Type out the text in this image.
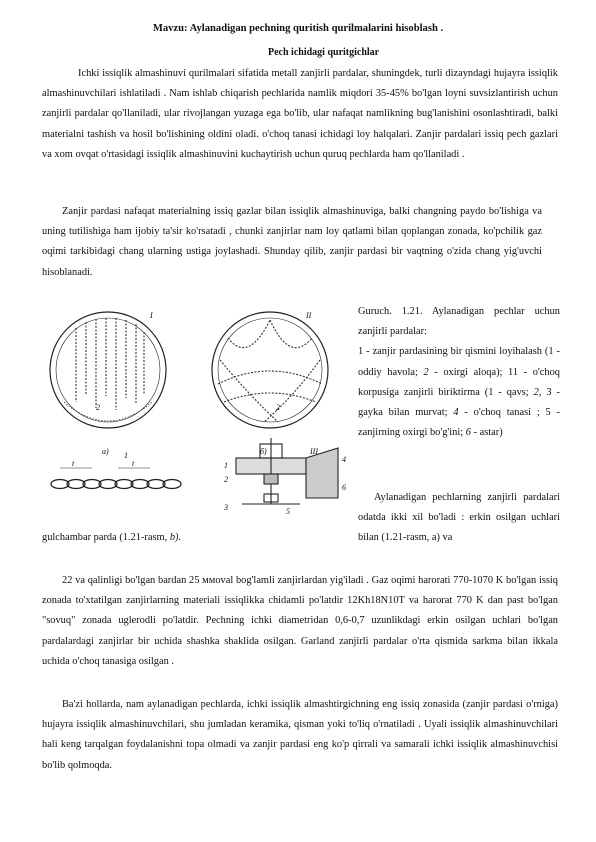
Mavzu: Aylanadigan pechning quritish qurilmalarini hisoblash .
Pech ichidagi quritgichlar

Ichki issiqlik almashinuvi qurilmalari sifatida metall zanjirli pardalar, shuningdek, turli dizayndagi hujayra issiqlik almashinuvchilari ishlatiladi . Nam ishlab chiqarish pechlarida namlik miqdori 35-45% bo'lgan loyni suvsizlantirish uchun zanjirli pardalar qo'llaniladi, ular rivojlangan yuzaga ega bo'lib, ular nafaqat namlikning bug'lanishini osonlashtiradi, balki materialni tashish va hosil bo'lishining oldini oladi. o'choq tanasi ichidagi loy halqalari. Zanjir pardalari issiq pech gazlari va xom ovqat o'rtasidagi issiqlik almashinuvini kuchaytirish uchun quruq pechlarda ham qo'llaniladi .

Zanjir pardasi nafaqat materialning issiq gazlar bilan issiqlik almashinuviga, balki changning paydo bo'lishiga va uning tutilishiga ham ijobiy ta'sir ko'rsatadi , chunki zanjirlar nam loy qatlami bilan qoplangan zonada, ko'pchilik gaz oqimi tarkibidagi chang ularning ustiga joylashadi. Shunday qilib, zanjir pardasi bir vaqtning o'zida chang yig'uvchi hisoblanadi.

I	II
a)	б)	III
1
2	2
t	t	1
2
3
4
6
5

Guruch. 1.21. Aylanadigan pechlar uchun zanjirli pardalar:
1 - zanjir pardasining bir qismini loyihalash (1 - oddiy havola; 2 - oxirgi aloqa); 11 - o'choq korpusiga zanjirli biriktirma (1 - qavs; 2, 3 - gayka bilan murvat; 4 - o'choq tanasi ; 5 - zanjirning oxirgi bo'g'ini; 6 - astar)

Aylanadigan pechlarning zanjirli pardalari odatda ikki xil bo'ladi : erkin osilgan uchlari bilan (1.21-rasm, a) va

gulchambar parda (1.21-rasm, b).

22 va qalinligi bo'lgan bardan 25 ммoval bog'lamli zanjirlardan yig'iladi . Gaz oqimi harorati 770-1070 K bo'lgan issiq zonada to'xtatilgan zanjirlarning materiali issiqlikka chidamli po'latdir 12Kh18N10T va harorat 770 K dan past bo'lgan "sovuq" zonada uglerodli po'latdir. Pechning ichki diametridan 0,6-0,7 uzunlikdagi erkin osilgan uchlari bo'lgan pardalardagi zanjirlar bir uchida shashka shaklida osilgan. Garland zanjirli pardalar o'rta qismida sarkma bilan ikkala uchida o'choq tanasiga osilgan .

Ba'zi hollarda, nam aylanadigan pechlarda, ichki issiqlik almashtirgichning eng issiq zonasida (zanjir pardasi o'rniga) hujayra issiqlik almashinuvchilari, shu jumladan keramika, qisman yoki to'liq o'rnatiladi . Uyali issiqlik almashinuvchilari hali keng tarqalgan foydalanishni topa olmadi va zanjir pardasi eng ko'p qirrali va samarali ichki issiqlik almashinuvchisi bo'lib qolmoqda.
